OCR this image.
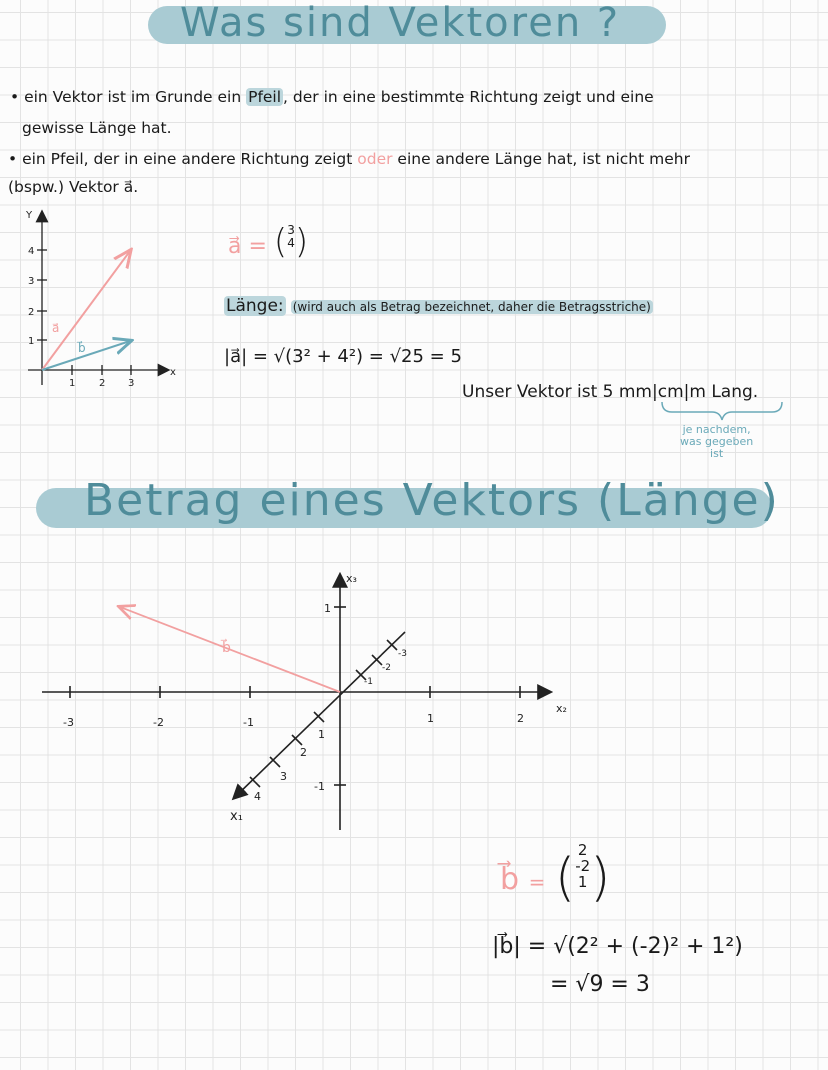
Was sind Vektoren ?
• ein Vektor ist im Grunde ein Pfeil , der in eine bestimmte Richtung zeigt und eine
gewisse Länge hat.
• ein Pfeil, der in eine andere Richtung zeigt oder eine andere Länge hat, ist nicht mehr
(bspw.) Vektor a⃗.
Y
x
1
2
3
4
1 2 3
a⃗
b⃗
x₂
x₃
x₁
-3	-2	-1	1	2
1
-1
-3
-2
-1
1
2
3
4
b⃗
a⃗ = (3
4)
Länge: (wird auch als Betrag bezeichnet, daher die Betragsstriche)
|a⃗| = √(3² + 4²) = √25 = 5
Unser Vektor ist 5 mm|cm|m Lang.
je nachdem,
was gegeben
ist
Betrag eines Vektors (Länge)
b⃗ = ( 2
-2
1)
|b⃗| = √(2² + (-2)² + 1²)
= √9 = 3
